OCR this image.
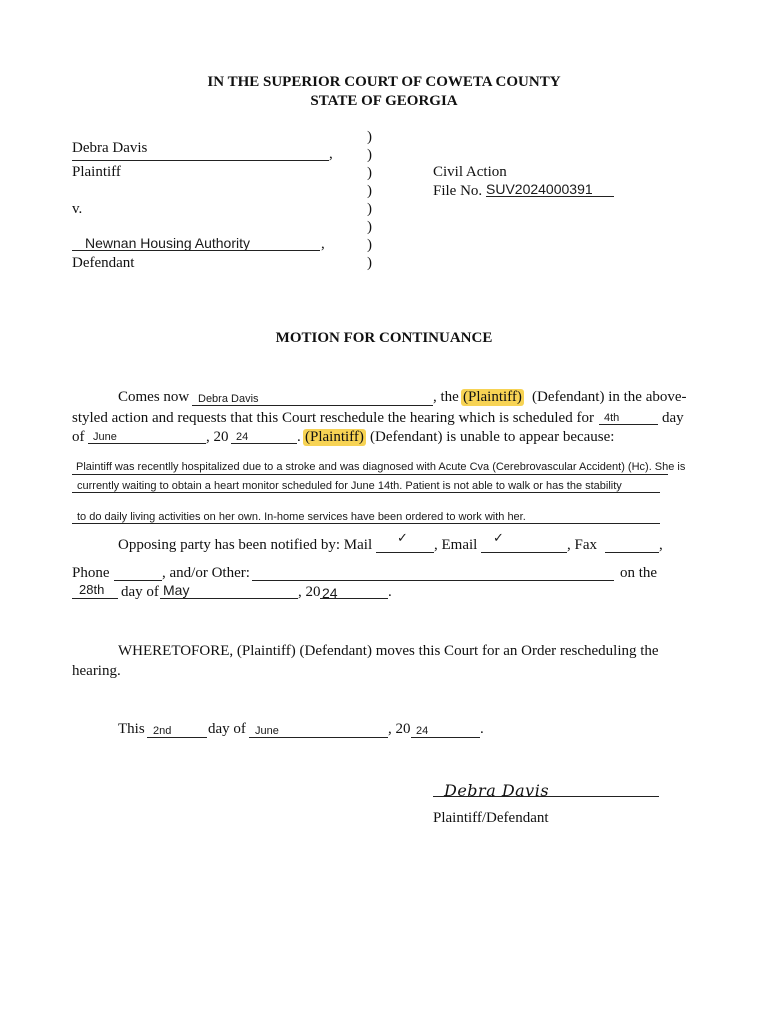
IN THE SUPERIOR COURT OF COWETA COUNTY
STATE OF GEORGIA
Debra Davis	,
Plaintiff
v.
Newnan Housing Authority	,
Defendant
)
)
)
)
)
)
)
)
Civil Action
File No. SUV2024000391
MOTION FOR CONTINUANCE
Comes now Debra Davis	, the (Plaintiff) (Defendant) in the above-
styled action and requests that this Court reschedule the hearing which is scheduled for 4th	day
of June	, 20 24	. (Plaintiff) (Defendant) is unable to appear because:
Plaintiff was recentlly hospitalized due to a stroke and was diagnosed with Acute Cva (Cerebrovascular Accident) (Hc). She is
currently waiting to obtain a heart monitor scheduled for June 14th. Patient is not able to walk or has the stability
to do daily living activities on her own. In-home services have been ordered to work with her.
Opposing party has been notified by: Mail ✓ , Email ✓	, Fax	,
Phone	, and/or Other:	on the
28th day of May	, 20 24	.
WHERETOFORE, (Plaintiff) (Defendant) moves this Court for an Order rescheduling the
hearing.
This 2nd day of June	, 20 24	.
Debra Davis
Plaintiff/Defendant
